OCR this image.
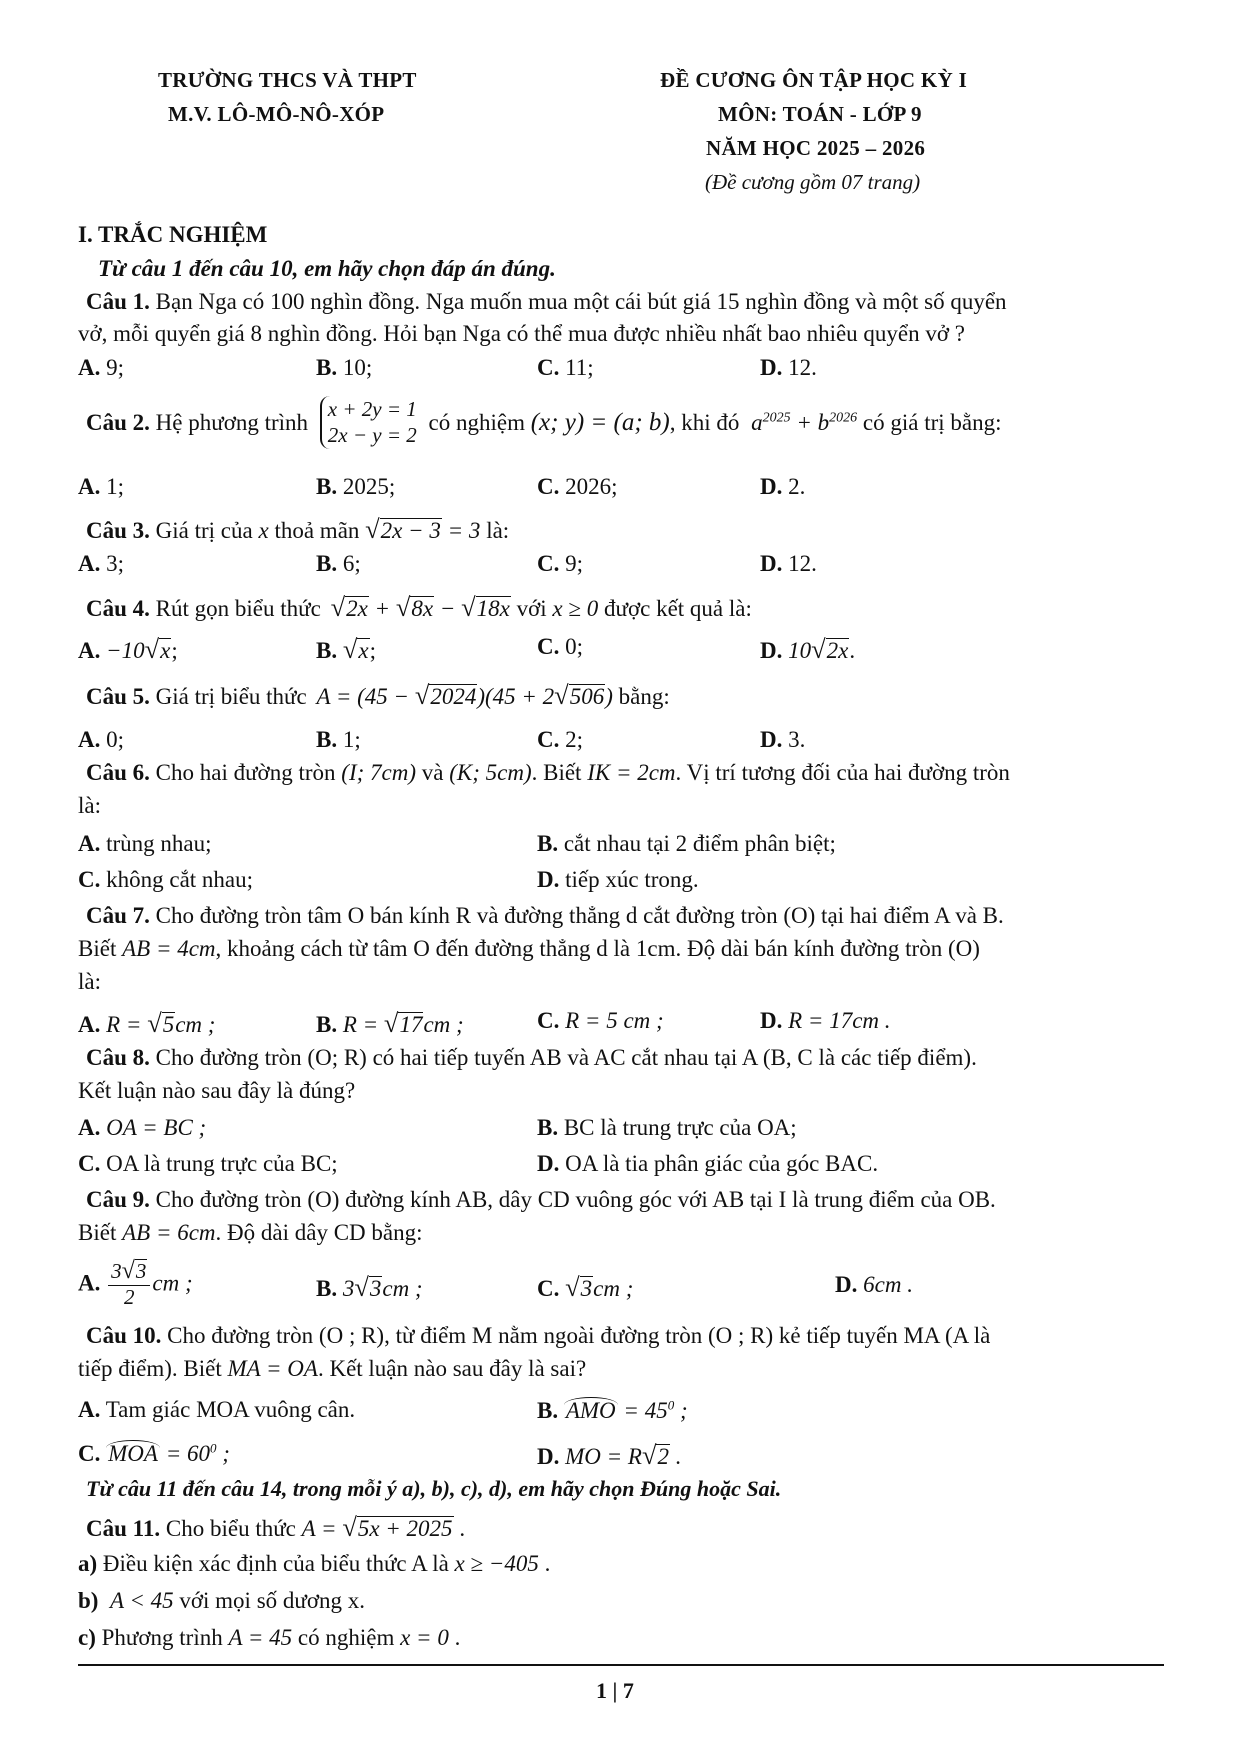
TRƯỜNG THCS VÀ THPT
M.V. LÔ-MÔ-NÔ-XÓP
ĐỀ CƯƠNG ÔN TẬP HỌC KỲ I
MÔN: TOÁN - LỚP 9
NĂM HỌC 2025 – 2026
(Đề cương gồm 07 trang)
I. TRẮC NGHIỆM
Từ câu 1 đến câu 10, em hãy chọn đáp án đúng.
Câu 1. Bạn Nga có 100 nghìn đồng. Nga muốn mua một cái bút giá 15 nghìn đồng và một số quyển
vở, mỗi quyển giá 8 nghìn đồng. Hỏi bạn Nga có thể mua được nhiều nhất bao nhiêu quyển vở ?
A. 9;	B. 10;	C. 11;	D. 12.
Câu 2. Hệ phương trình
x + 2y = 1
2x − y = 2
có nghiệm (x; y) = (a; b), khi đó $a^{2025} + b^{2026}$ có giá trị bằng:
A. 1;	B. 2025;	C. 2026;	D. 2.
Câu 3. Giá trị của x thoả mãn √2x − 3 = 3 là:
A. 3;	B. 6;	C. 9;	D. 12.
Câu 4. Rút gọn biểu thức √2x + √8x − √18x với x ≥ 0 được kết quả là:
A. −10√x;	B. √x;	C. 0;	D. 10√2x.
Câu 5. Giá trị biểu thức A = (45 − √2024)(45 + 2√506) bằng:
A. 0;	B. 1;	C. 2;	D. 3.
Câu 6. Cho hai đường tròn (I; 7cm) và (K; 5cm). Biết IK = 2cm. Vị trí tương đối của hai đường tròn
là:
A. trùng nhau;	B. cắt nhau tại 2 điểm phân biệt;
C. không cắt nhau;	D. tiếp xúc trong.
Câu 7. Cho đường tròn tâm O bán kính R và đường thẳng d cắt đường tròn (O) tại hai điểm A và B.
Biết AB = 4cm, khoảng cách từ tâm O đến đường thẳng d là 1cm. Độ dài bán kính đường tròn (O)
là:
A. R = √5cm ;	B. R = √17cm ;	C. R = 5 cm ;	D. R = 17cm .
Câu 8. Cho đường tròn (O; R) có hai tiếp tuyến AB và AC cắt nhau tại A (B, C là các tiếp điểm).
Kết luận nào sau đây là đúng?
A. OA = BC ;	B. BC là trung trực của OA;
C. OA là trung trực của BC;	D. OA là tia phân giác của góc BAC.
Câu 9. Cho đường tròn (O) đường kính AB, dây CD vuông góc với AB tại I là trung điểm của OB.
Biết AB = 6cm. Độ dài dây CD bằng:
A. $\frac{3√3}{2}$ cm ;	B. 3√3cm ;	C. √3cm ;	D. 6cm .
Câu 10. Cho đường tròn (O ; R), từ điểm M nằm ngoài đường tròn (O ; R) kẻ tiếp tuyến MA (A là
tiếp điểm). Biết MA = OA. Kết luận nào sau đây là sai?
A. Tam giác MOA vuông cân.	B. AMO = $45^0$ ;
C. MOA = $60^0$ ;	D. MO = R√2 .
Từ câu 11 đến câu 14, trong mỗi ý a), b), c), d), em hãy chọn Đúng hoặc Sai.
Câu 11. Cho biểu thức A = √5x + 2025 .
a) Điều kiện xác định của biểu thức A là x ≥ −405 .
b) A < 45 với mọi số dương x.
c) Phương trình A = 45 có nghiệm x = 0 .
1 | 7
